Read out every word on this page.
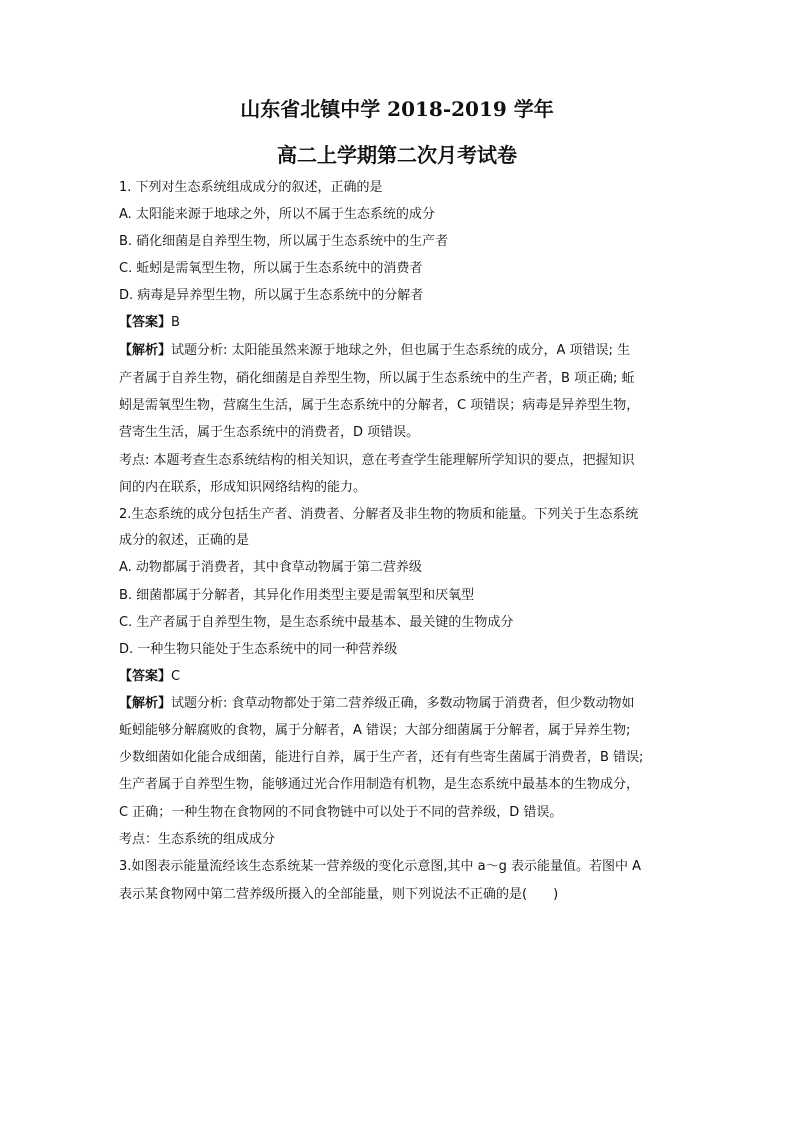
山东省北镇中学 2018-2019 学年
高二上学期第二次月考试卷
1. 下列对生态系统组成成分的叙述，正确的是
A. 太阳能来源于地球之外，所以不属于生态系统的成分
B. 硝化细菌是自养型生物，所以属于生态系统中的生产者
C. 蚯蚓是需氧型生物，所以属于生态系统中的消费者
D. 病毒是异养型生物，所以属于生态系统中的分解者
【答案】B
【解析】试题分析: 太阳能虽然来源于地球之外，但也属于生态系统的成分，A 项错误; 生
产者属于自养生物，硝化细菌是自养型生物，所以属于生态系统中的生产者，B 项正确; 蚯
蚓是需氧型生物，营腐生生活，属于生态系统中的分解者，C 项错误；病毒是异养型生物，
营寄生生活，属于生态系统中的消费者，D 项错误。
考点: 本题考查生态系统结构的相关知识，意在考查学生能理解所学知识的要点，把握知识
间的内在联系，形成知识网络结构的能力。
2.生态系统的成分包括生产者、消费者、分解者及非生物的物质和能量。下列关于生态系统
成分的叙述，正确的是
A. 动物都属于消费者，其中食草动物属于第二营养级
B. 细菌都属于分解者，其异化作用类型主要是需氧型和厌氧型
C. 生产者属于自养型生物，是生态系统中最基本、最关键的生物成分
D. 一种生物只能处于生态系统中的同一种营养级
【答案】C
【解析】试题分析: 食草动物都处于第二营养级正确，多数动物属于消费者，但少数动物如
蚯蚓能够分解腐败的食物，属于分解者，A 错误；大部分细菌属于分解者，属于异养生物;
少数细菌如化能合成细菌，能进行自养，属于生产者，还有有些寄生菌属于消费者，B 错误;
生产者属于自养型生物，能够通过光合作用制造有机物，是生态系统中最基本的生物成分，
C 正确；一种生物在食物网的不同食物链中可以处于不同的营养级，D 错误。
考点：生态系统的组成成分
3.如图表示能量流经该生态系统某一营养级的变化示意图,其中 a～g 表示能量值。若图中 A
表示某食物网中第二营养级所摄入的全部能量，则下列说法不正确的是(　　)
